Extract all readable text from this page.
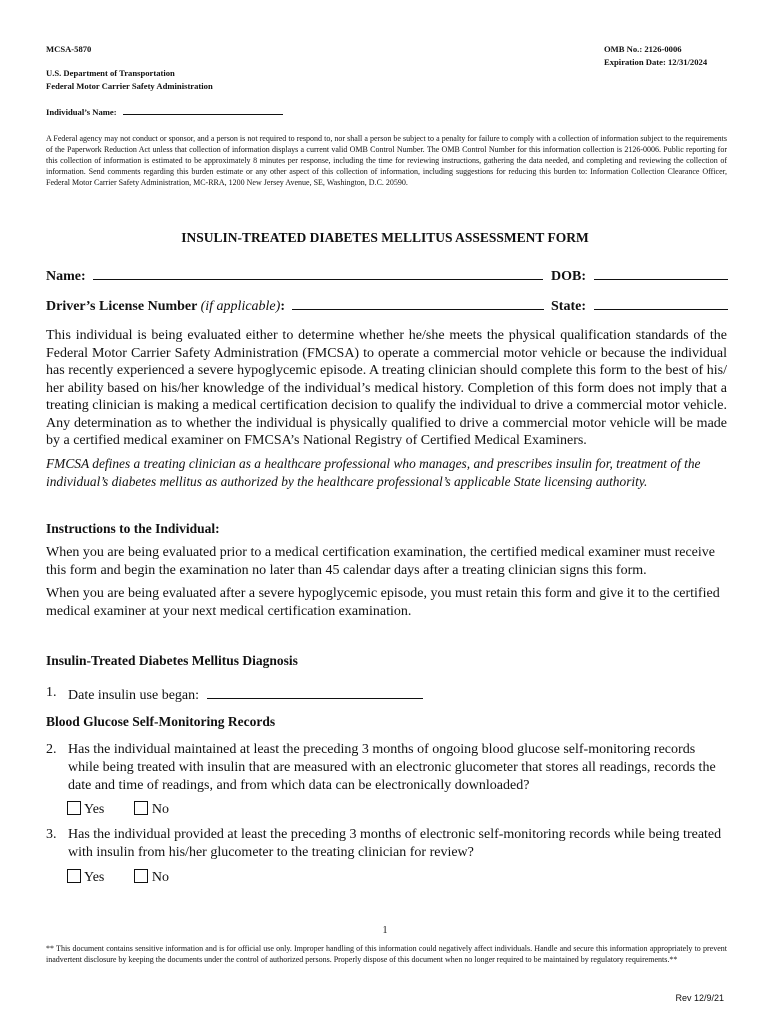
MCSA-5870
U.S. Department of Transportation
Federal Motor Carrier Safety Administration
OMB No.: 2126-0006
Expiration Date: 12/31/2024
Individual’s Name:
A Federal agency may not conduct or sponsor, and a person is not required to respond to, nor shall a person be subject to a penalty for failure to comply with a collection of information subject to the requirements of the Paperwork Reduction Act unless that collection of information displays a current valid OMB Control Number. The OMB Control Number for this information collection is 2126-0006. Public reporting for this collection of information is estimated to be approximately 8 minutes per response, including the time for reviewing instructions, gathering the data needed, and completing and reviewing the collection of information. Send comments regarding this burden estimate or any other aspect of this collection of information, including suggestions for reducing this burden to: Information Collection Clearance Officer, Federal Motor Carrier Safety Administration, MC-RRA, 1200 New Jersey Avenue, SE, Washington, D.C. 20590.
INSULIN-TREATED DIABETES MELLITUS ASSESSMENT FORM
Name:	DOB:
Driver’s License Number (if applicable):	State:
This individual is being evaluated either to determine whether he/she meets the physical qualification standards of the Federal Motor Carrier Safety Administration (FMCSA) to operate a commercial motor vehicle or because the individual has recently experienced a severe hypoglycemic episode. A treating clinician should complete this form to the best of his/ her ability based on his/her knowledge of the individual’s medical history. Completion of this form does not imply that a treating clinician is making a medical certification decision to qualify the individual to drive a commercial motor vehicle. Any determination as to whether the individual is physically qualified to drive a commercial motor vehicle will be made by a certified medical examiner on FMCSA’s National Registry of Certified Medical Examiners.
FMCSA defines a treating clinician as a healthcare professional who manages, and prescribes insulin for, treatment of the individual’s diabetes mellitus as authorized by the healthcare professional’s applicable State licensing authority.
Instructions to the Individual:
When you are being evaluated prior to a medical certification examination, the certified medical examiner must receive this form and begin the examination no later than 45 calendar days after a treating clinician signs this form.
When you are being evaluated after a severe hypoglycemic episode, you must retain this form and give it to the certified medical examiner at your next medical certification examination.
Insulin-Treated Diabetes Mellitus Diagnosis
1. Date insulin use began:
Blood Glucose Self-Monitoring Records
2. Has the individual maintained at least the preceding 3 months of ongoing blood glucose self-monitoring records while being treated with insulin that are measured with an electronic glucometer that stores all readings, records the date and time of readings, and from which data can be electronically downloaded?
Yes	No
3. Has the individual provided at least the preceding 3 months of electronic self-monitoring records while being treated with insulin from his/her glucometer to the treating clinician for review?
Yes	No
1
** This document contains sensitive information and is for official use only. Improper handling of this information could negatively affect individuals. Handle and secure this information appropriately to prevent inadvertent disclosure by keeping the documents under the control of authorized persons. Properly dispose of this document when no longer required to be maintained by regulatory requirements.**
Rev 12/9/21
